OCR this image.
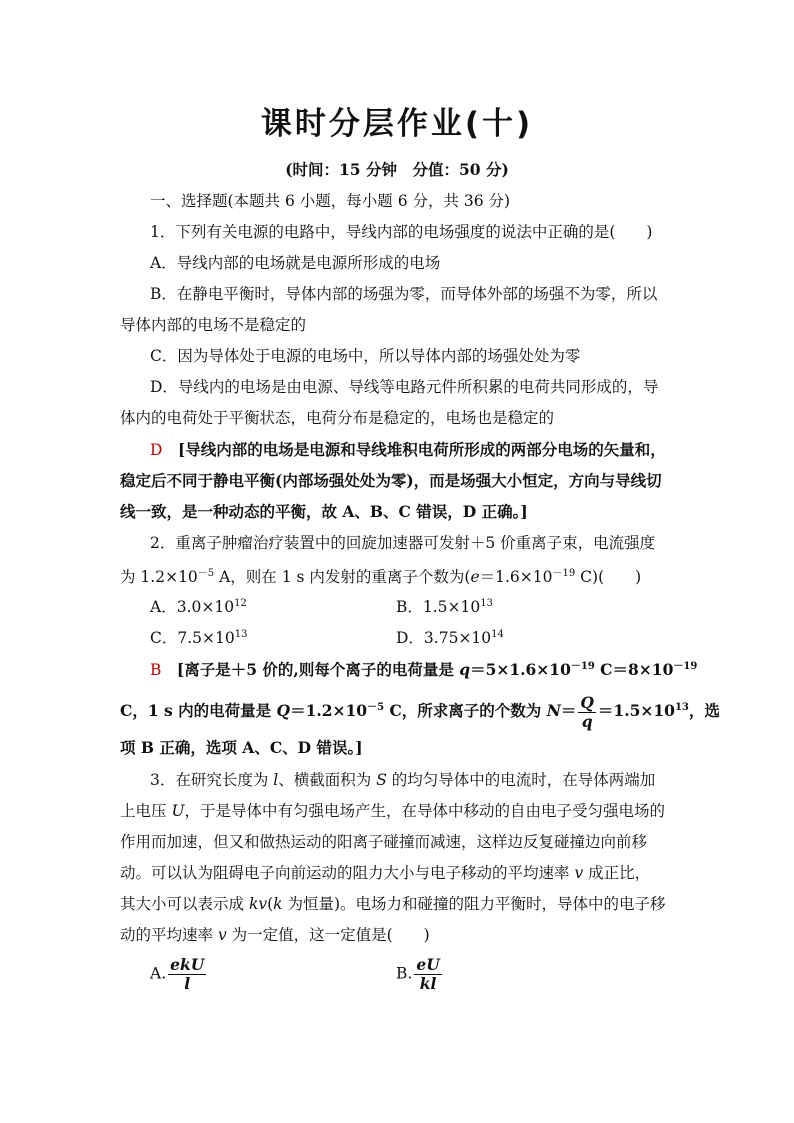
课时分层作业(十)
(时间：15 分钟　分值：50 分)
一、选择题(本题共 6 小题，每小题 6 分，共 36 分)
1．下列有关电源的电路中，导线内部的电场强度的说法中正确的是(　　)
A．导线内部的电场就是电源所形成的电场
B．在静电平衡时，导体内部的场强为零，而导体外部的场强不为零，所以
导体内部的电场不是稳定的
C．因为导体处于电源的电场中，所以导体内部的场强处处为零
D．导线内的电场是由电源、导线等电路元件所积累的电荷共同形成的，导
体内的电荷处于平衡状态，电荷分布是稳定的，电场也是稳定的
D　 [导线内部的电场是电源和导线堆积电荷所形成的两部分电场的矢量和，
稳定后不同于静电平衡(内部场强处处为零)，而是场强大小恒定，方向与导线切
线一致，是一种动态的平衡，故 A、B、C 错误，D 正确。]
2．重离子肿瘤治疗装置中的回旋加速器可发射＋5 价重离子束，电流强度
为 $1.2\times 10^{-5}$ A，则在 1 s 内发射的重离子个数为($e=1.6\times 10^{-19}$ C)(　　)
A．$3.0\times 10^{12}$	B．$1.5\times 10^{13}$
C．$7.5\times 10^{13}$	D．$3.75\times 10^{14}$
B　 [离子是＋5 价的,则每个离子的电荷量是 $q=5\times 1.6\times 10^{-19}$ $C=8\times 10^{-19}$
C，1 s 内的电荷量是 $Q=1.2\times 10^{-5}$ C，所求离子的个数为 $N= \frac{Q}{q} =1.5\times 10^{13}$，选
项 B 正确，选项 A、C、D 错误。]
3．在研究长度为 l、横截面积为 S 的均匀导体中的电流时，在导体两端加
上电压 U，于是导体中有匀强电场产生，在导体中移动的自由电子受匀强电场的
作用而加速，但又和做热运动的阳离子碰撞而减速，这样边反复碰撞边向前移
动。可以认为阻碍电子向前运动的阻力大小与电子移动的平均速率 v 成正比，
其大小可以表示成 kv(k 为恒量)。电场力和碰撞的阻力平衡时，导体中的电子移
动的平均速率 v 为一定值，这一定值是(　　)
A. $\frac{\text{ekU}}{l}$	B. $\frac{eU}{kl}$
